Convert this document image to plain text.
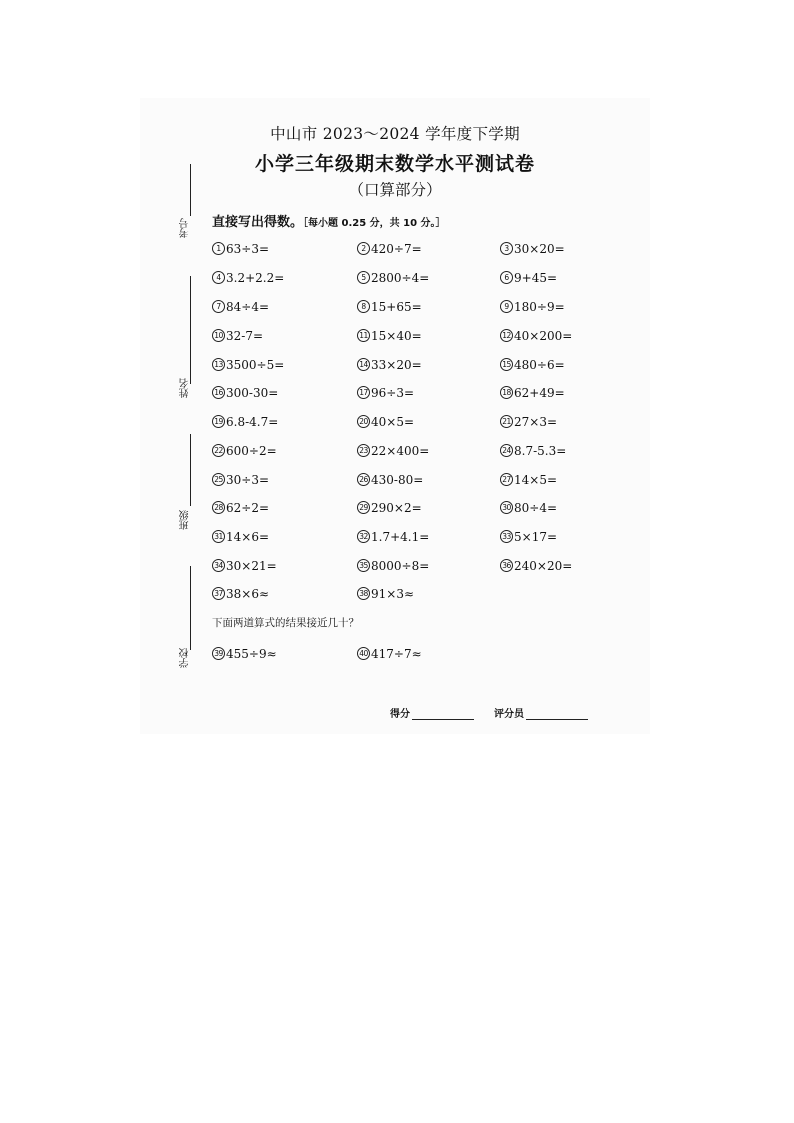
中山市 2023～2024 学年度下学期
小学三年级期末数学水平测试卷
（口算部分）
考号
姓名
班级
学校
直接写出得数。［每小题 0.25 分，共 10 分。］
1 63÷3=	2 420÷7=	3 30×20=
4 3.2+2.2=	5 2800÷4=	6 9+45=
7 84÷4=	8 15+65=	9 180÷9=
10 32-7=	11 15×40=	12 40×200=
13 3500÷5=	14 33×20=	15 480÷6=
16 300-30=	17 96÷3=	18 62+49=
19 6.8-4.7=	20 40×5=	21 27×3=
22 600÷2=	23 22×400=	24 8.7-5.3=
25 30÷3=	26 430-80=	27 14×5=
28 62÷2=	29 290×2=	30 80÷4=
31 14×6=	32 1.7+4.1=	33 5×17=
34 30×21=	35 8000÷8=	36 240×20=
37 38×6≈	38 91×3≈
下面两道算式的结果接近几十？
39 455÷9≈	40 417÷7≈
得分	评分员
